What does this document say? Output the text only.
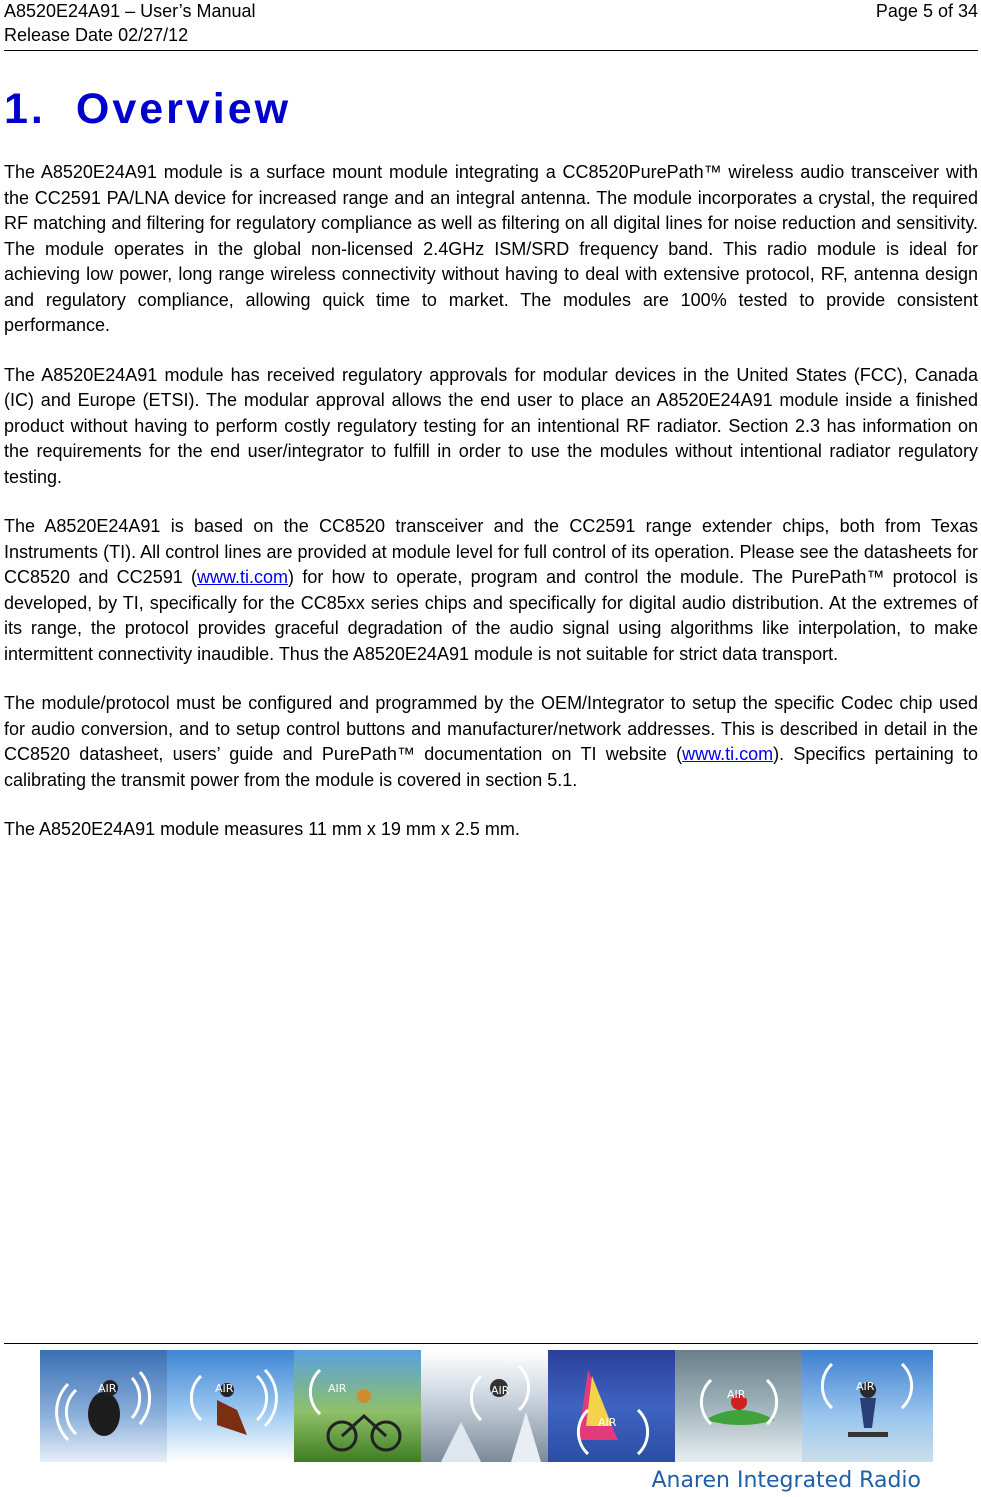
A8520E24A91 – User’s Manual
Release Date 02/27/12
Page 5 of 34
1. Overview

The A8520E24A91 module is a surface mount module integrating a CC8520PurePath™ wireless audio transceiver with the CC2591 PA/LNA device for increased range and an integral antenna. The module incorporates a crystal, the required RF matching and filtering for regulatory compliance as well as filtering on all digital lines for noise reduction and sensitivity. The module operates in the global non-licensed 2.4GHz ISM/SRD frequency band. This radio module is ideal for achieving low power, long range wireless connectivity without having to deal with extensive protocol, RF, antenna design and regulatory compliance, allowing quick time to market. The modules are 100% tested to provide consistent performance.

The A8520E24A91 module has received regulatory approvals for modular devices in the United States (FCC), Canada (IC) and Europe (ETSI). The modular approval allows the end user to place an A8520E24A91 module inside a finished product without having to perform costly regulatory testing for an intentional RF radiator. Section 2.3 has information on the requirements for the end user/integrator to fulfill in order to use the modules without intentional radiator regulatory testing.

The A8520E24A91 is based on the CC8520 transceiver and the CC2591 range extender chips, both from Texas Instruments (TI). All control lines are provided at module level for full control of its operation. Please see the datasheets for CC8520 and CC2591 (www.ti.com) for how to operate, program and control the module. The PurePath™ protocol is developed, by TI, specifically for the CC85xx series chips and specifically for digital audio distribution. At the extremes of its range, the protocol provides graceful degradation of the audio signal using algorithms like interpolation, to make intermittent connectivity inaudible. Thus the A8520E24A91 module is not suitable for strict data transport.

The module/protocol must be configured and programmed by the OEM/Integrator to setup the specific Codec chip used for audio conversion, and to setup control buttons and manufacturer/network addresses. This is described in detail in the CC8520 datasheet, users’ guide and PurePath™ documentation on TI website (www.ti.com). Specifics pertaining to calibrating the transmit power from the module is covered in section 5.1.

The A8520E24A91 module measures 11 mm x 19 mm x 2.5 mm.

AIR	AIR	AIR	AIR
AIR
AIR
AIR
Anaren Integrated Radio
